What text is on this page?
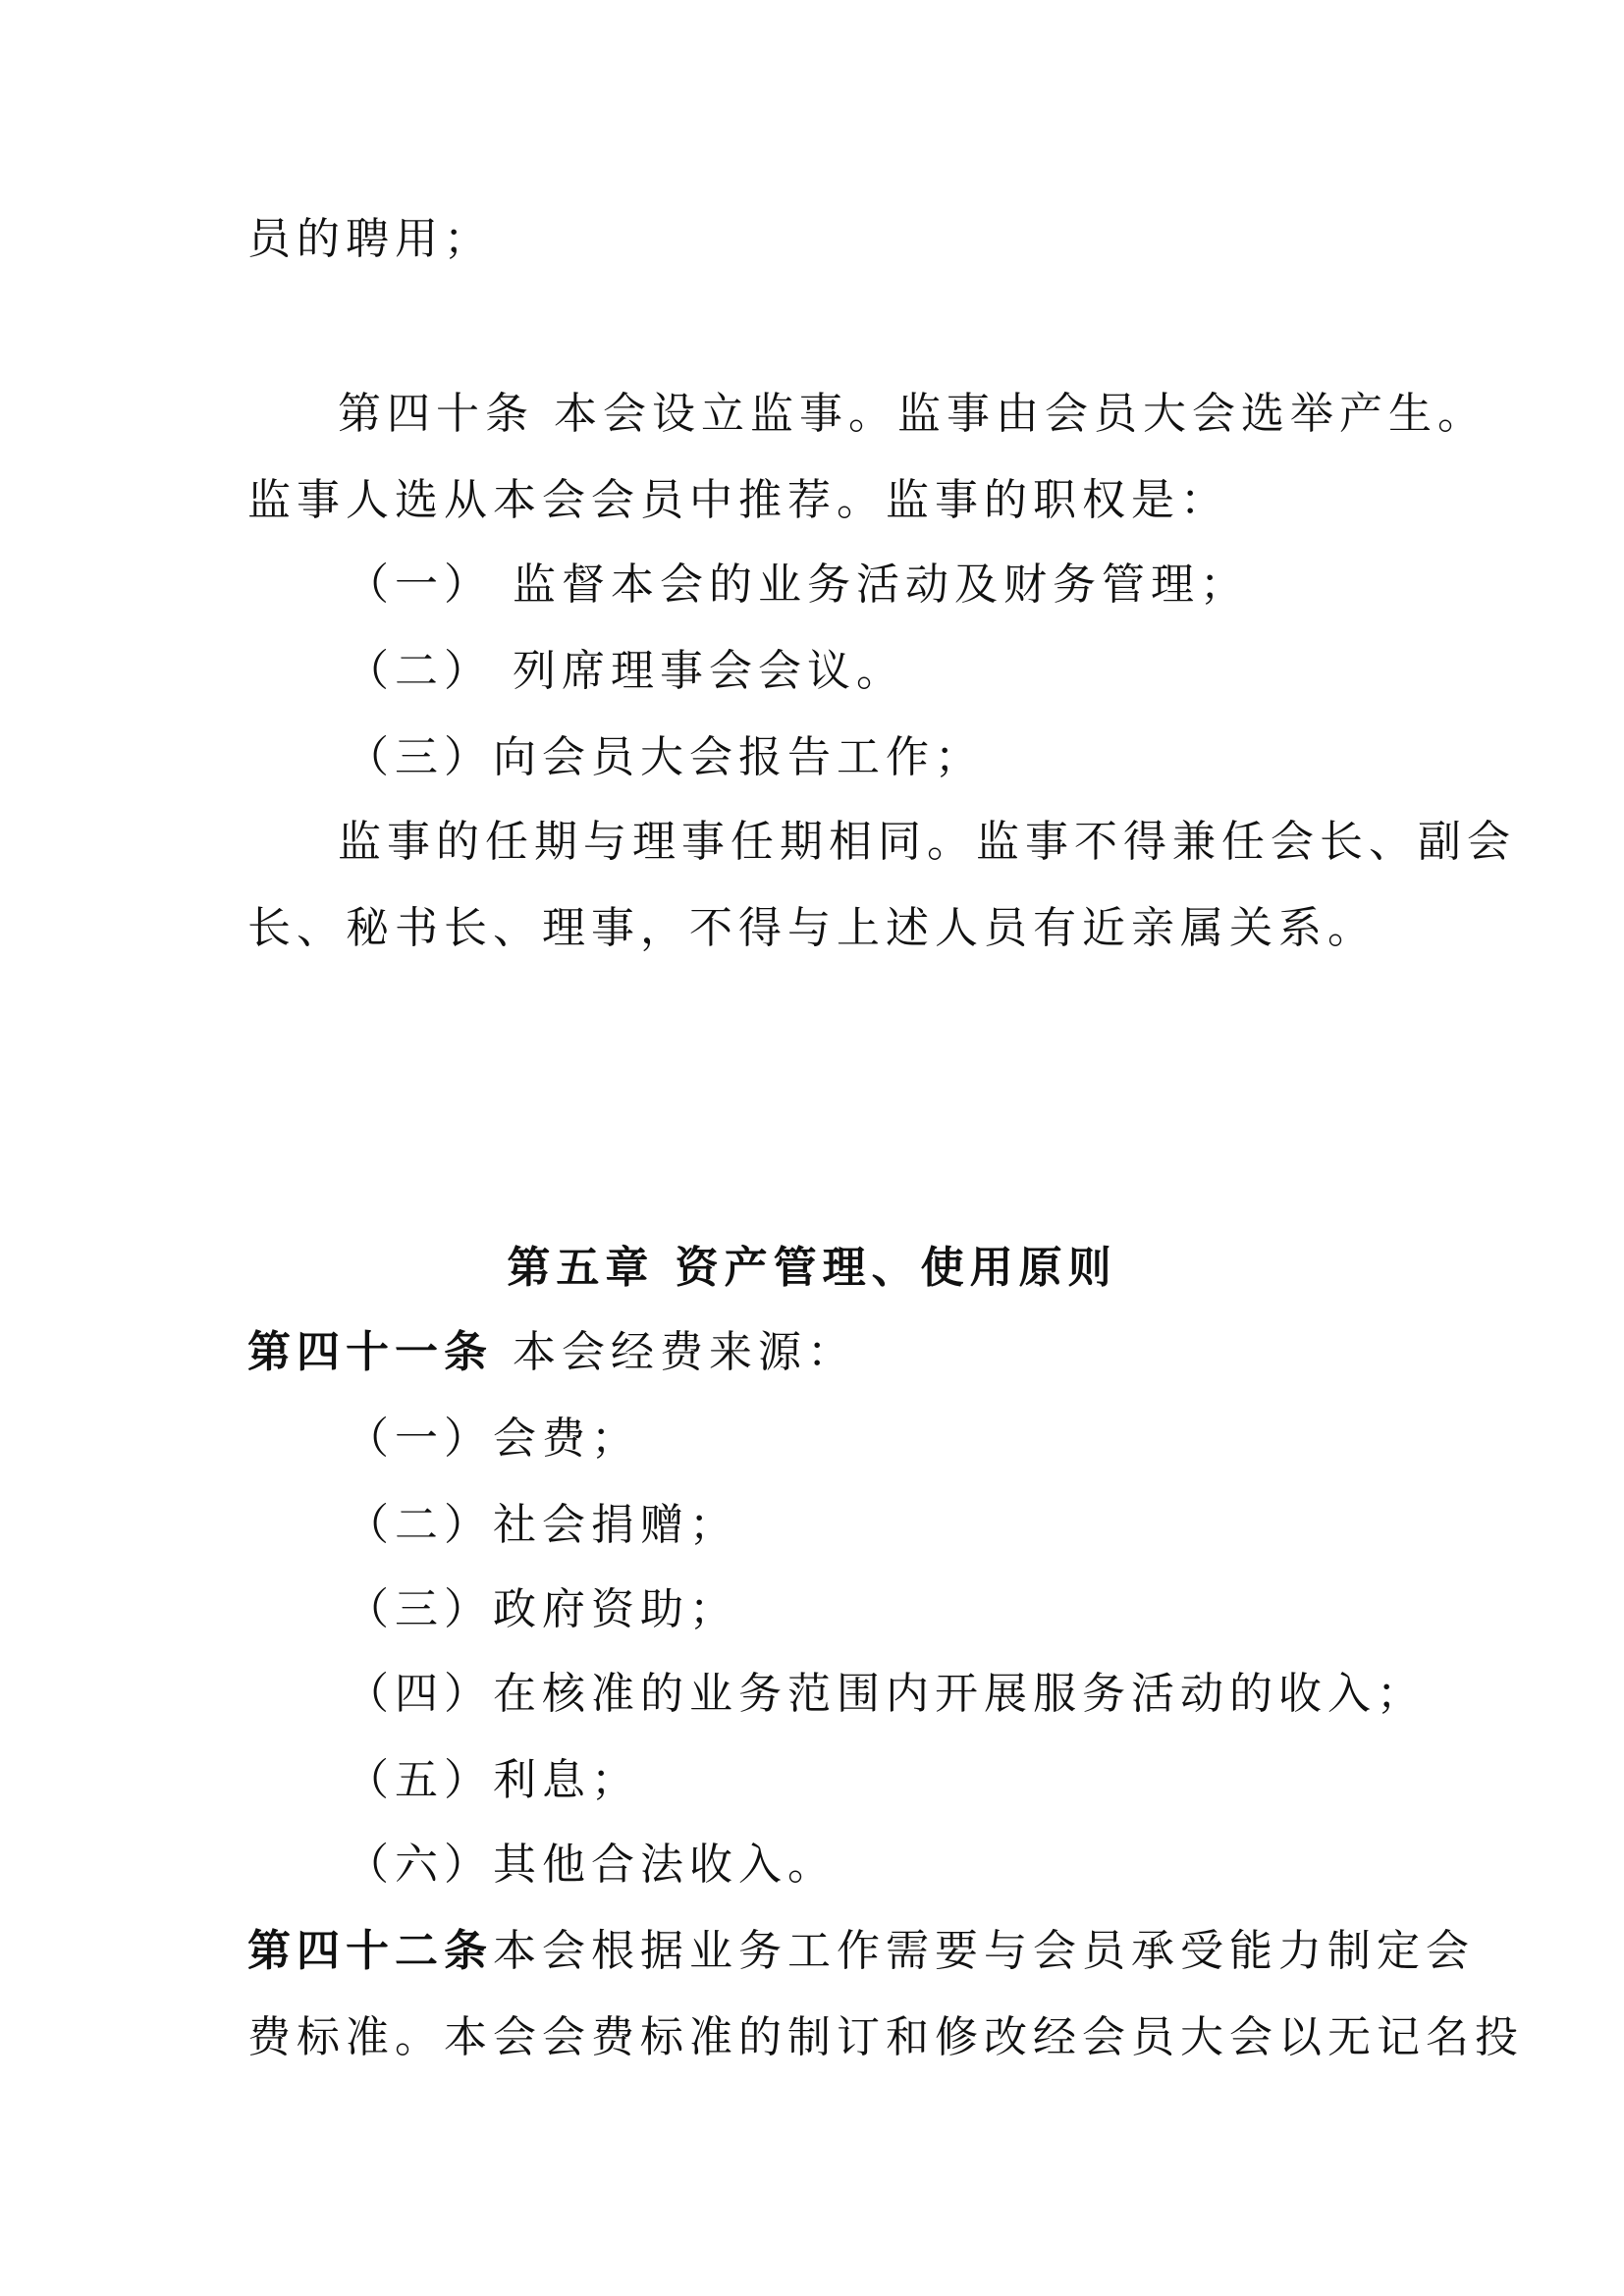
员的聘用；
第四十条 本会设立监事。监事由会员大会选举产生。
监事人选从本会会员中推荐。监事的职权是：
（一） 监督本会的业务活动及财务管理；
（二） 列席理事会会议。
（三）向会员大会报告工作；
监事的任期与理事任期相同。监事不得兼任会长、副会
长、秘书长、理事，不得与上述人员有近亲属关系。
第五章 资产管理、使用原则
第四十一条 本会经费来源：
（一）会费；
（二）社会捐赠；
（三）政府资助；
（四）在核准的业务范围内开展服务活动的收入；
（五）利息；
（六）其他合法收入。
第四十二条本会根据业务工作需要与会员承受能力制定会
费标准。本会会费标准的制订和修改经会员大会以无记名投
